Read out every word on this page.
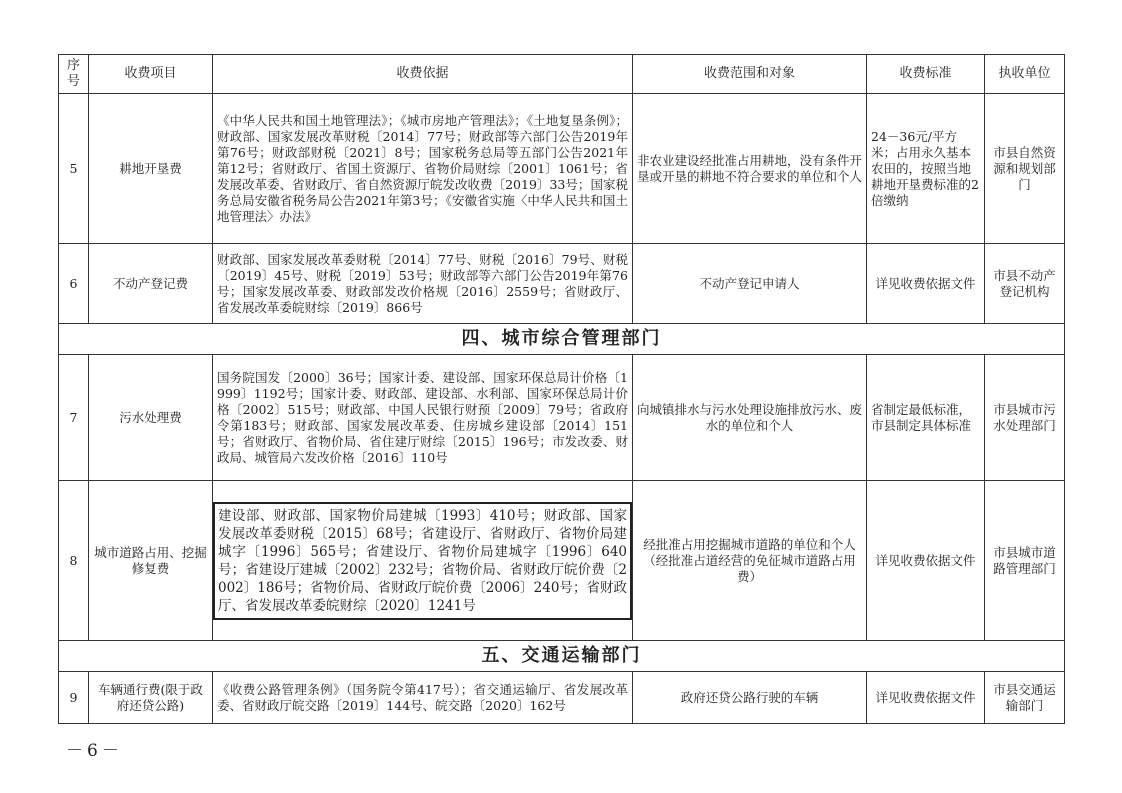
序号	收费项目	收费依据	收费范围和对象	收费标准	执收单位
5	耕地开垦费	《中华人民共和国土地管理法》；《城市房地产管理法》；《土地复垦条例》；财政部、国家发展改革财税〔2014〕77号；财政部等六部门公告2019年第76号；财政部财税〔2021〕8号；国家税务总局等五部门公告2021年第12号；省财政厅、省国土资源厅、省物价局财综〔2001〕1061号；省发展改革委、省财政厅、省自然资源厅皖发改收费〔2019〕33号；国家税务总局安徽省税务局公告2021年第3号；《安徽省实施〈中华人民共和国土地管理法〉办法》	非农业建设经批准占用耕地，没有条件开垦或开垦的耕地不符合要求的单位和个人	24－36元/平方米；占用永久基本农田的，按照当地耕地开垦费标准的2倍缴纳	市县自然资源和规划部门
6	不动产登记费	财政部、国家发展改革委财税〔2014〕77号、财税〔2016〕79号、财税〔2019〕45号、财税〔2019〕53号；财政部等六部门公告2019年第76号；国家发展改革委、财政部发改价格规〔2016〕2559号；省财政厅、省发展改革委皖财综〔2019〕866号	不动产登记申请人	详见收费依据文件	市县不动产登记机构
四、城市综合管理部门					
7	污水处理费	国务院国发〔2000〕36号；国家计委、建设部、国家环保总局计价格〔1999〕1192号；国家计委、财政部、建设部、水利部、国家环保总局计价格〔2002〕515号；财政部、中国人民银行财预〔2009〕79号；省政府令第183号；财政部、国家发展改革委、住房城乡建设部〔2014〕151号；省财政厅、省物价局、省住建厅财综〔2015〕196号；市发改委、财政局、城管局六发改价格〔2016〕110号	向城镇排水与污水处理设施排放污水、废水的单位和个人	省制定最低标准，市县制定具体标准	市县城市污水处理部门
8	城市道路占用、挖掘修复费	建设部、财政部、国家物价局建城〔1993〕410号；财政部、国家发展改革委财税〔2015〕68号；省建设厅、省财政厅、省物价局建城字〔1996〕565号；省建设厅、省物价局建城字〔1996〕640号；省建设厅建城〔2002〕232号；省物价局、省财政厅皖价费〔2002〕186号；省物价局、省财政厅皖价费〔2006〕240号；省财政厅、省发展改革委皖财综〔2020〕1241号	经批准占用挖掘城市道路的单位和个人（经批准占道经营的免征城市道路占用费）	详见收费依据文件	市县城市道路管理部门
五、交通运输部门					
9	车辆通行费(限于政府还贷公路)	《收费公路管理条例》（国务院令第417号）；省交通运输厅、省发展改革委、省财政厅皖交路〔2019〕144号、皖交路〔2020〕162号	政府还贷公路行驶的车辆	详见收费依据文件	市县交通运输部门
－6－
